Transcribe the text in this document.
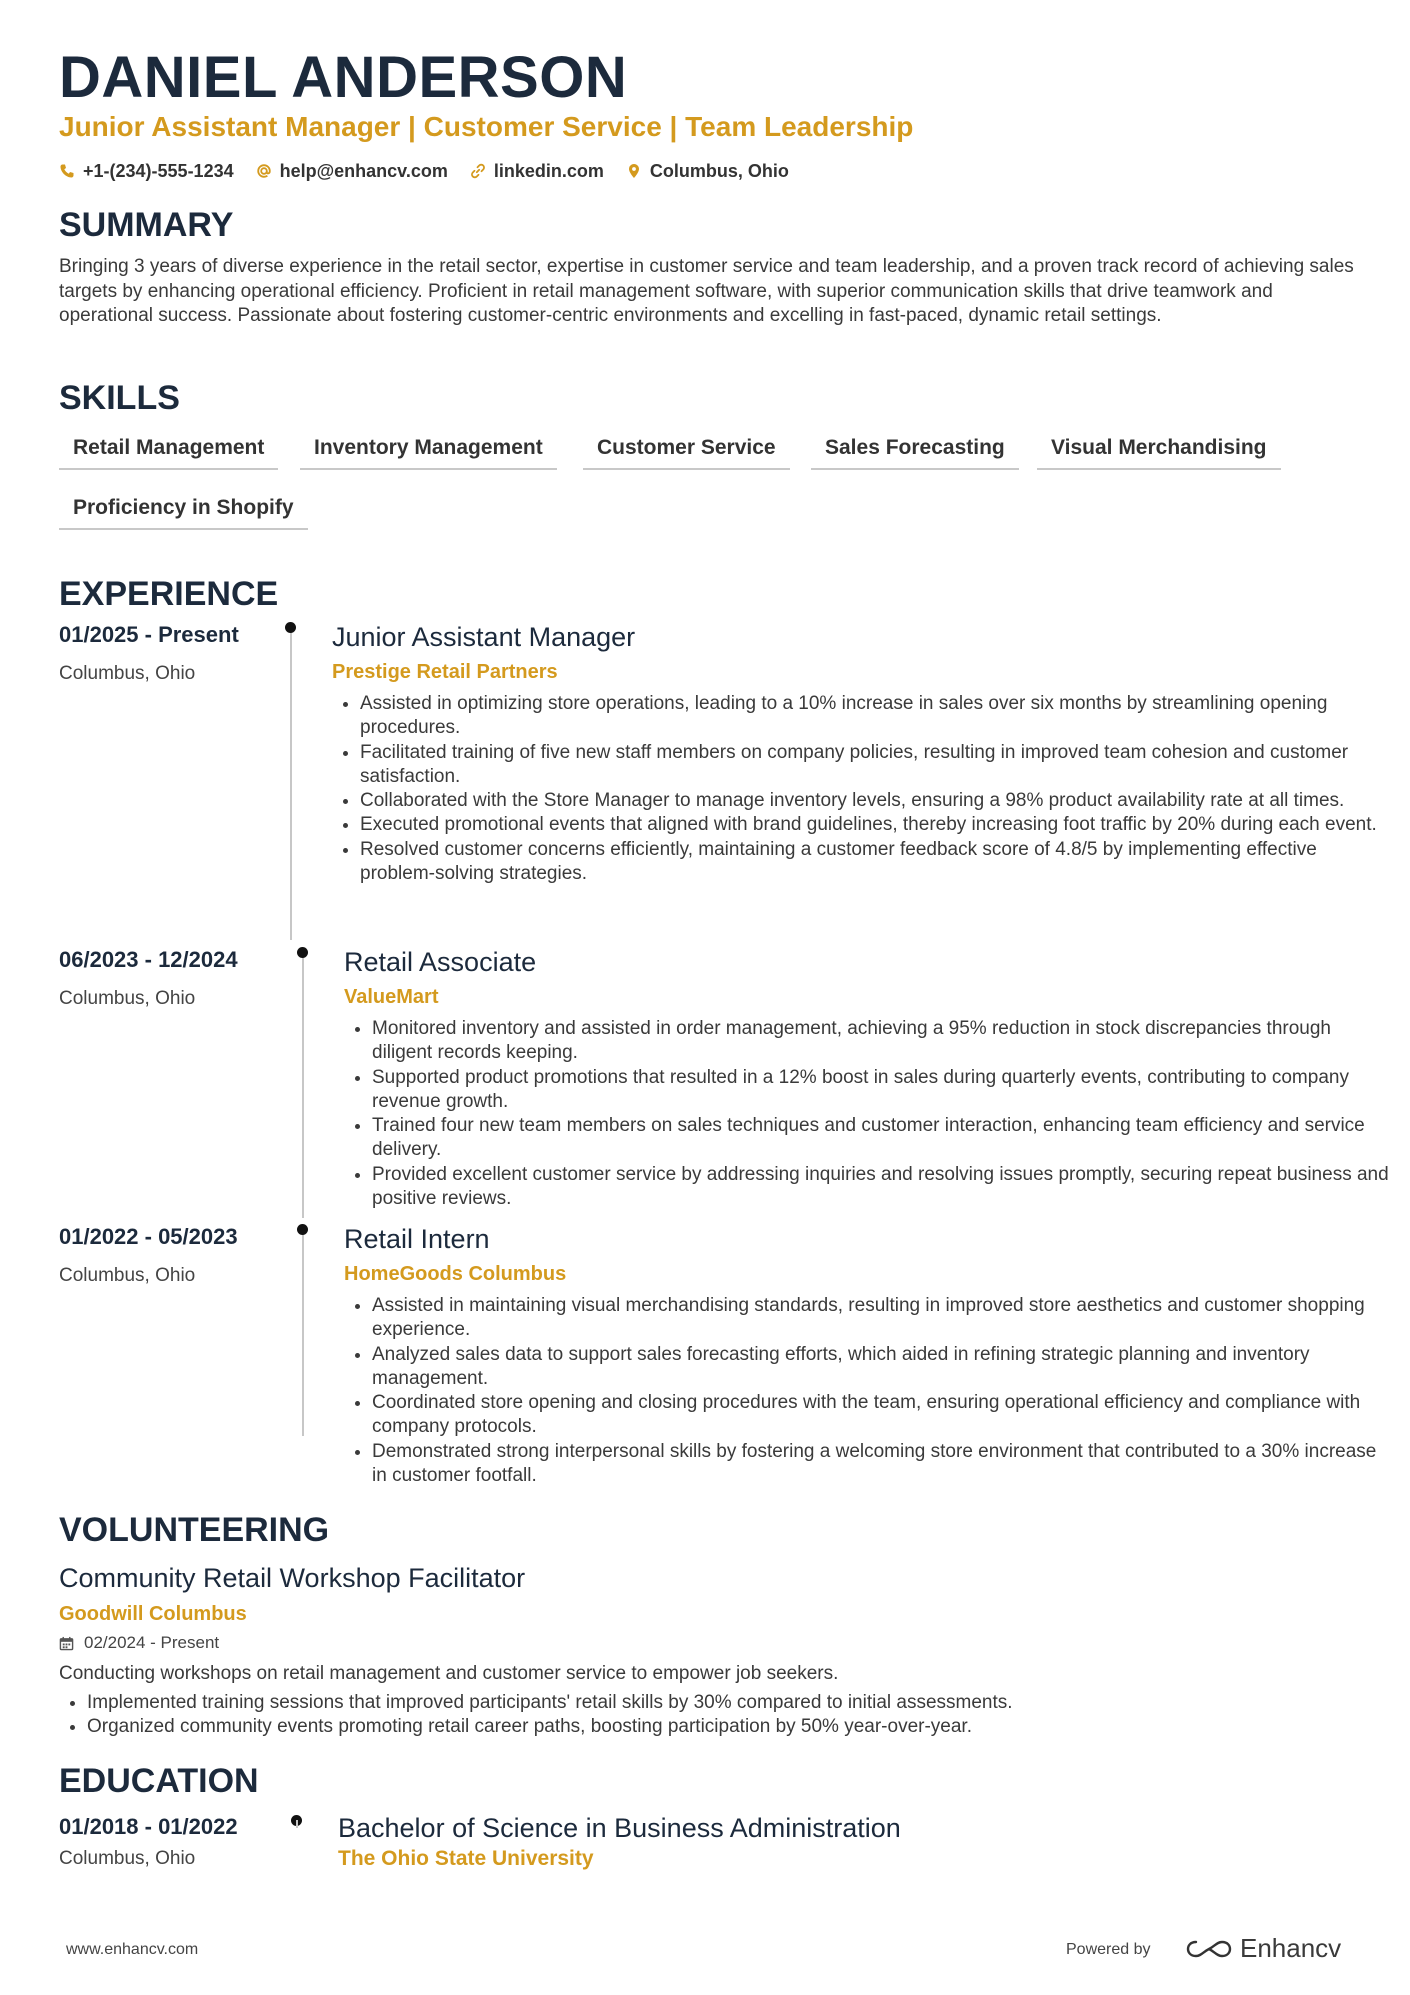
DANIEL ANDERSON
Junior Assistant Manager | Customer Service | Team Leadership
+1-(234)-555-1234	help@enhancv.com	linkedin.com	Columbus, Ohio
SUMMARY

Bringing 3 years of diverse experience in the retail sector, expertise in customer service and team leadership, and a proven track record of achieving sales targets by enhancing operational efficiency. Proficient in retail management software, with superior communication skills that drive teamwork and operational success. Passionate about fostering customer-centric environments and excelling in fast-paced, dynamic retail settings.

SKILLS
Retail Management	Inventory Management	Customer Service	Sales Forecasting	Visual Merchandising
Proficiency in Shopify
EXPERIENCE
01/2025 - Present
Columbus, Ohio
Junior Assistant Manager
Prestige Retail Partners
• Assisted in optimizing store operations, leading to a 10% increase in sales over six months by streamlining opening procedures.
• Facilitated training of five new staff members on company policies, resulting in improved team cohesion and customer satisfaction.
• Collaborated with the Store Manager to manage inventory levels, ensuring a 98% product availability rate at all times.
• Executed promotional events that aligned with brand guidelines, thereby increasing foot traffic by 20% during each event.
• Resolved customer concerns efficiently, maintaining a customer feedback score of 4.8/5 by implementing effective problem-solving strategies.
06/2023 - 12/2024
Columbus, Ohio
Retail Associate
ValueMart
• Monitored inventory and assisted in order management, achieving a 95% reduction in stock discrepancies through diligent records keeping.
• Supported product promotions that resulted in a 12% boost in sales during quarterly events, contributing to company revenue growth.
• Trained four new team members on sales techniques and customer interaction, enhancing team efficiency and service delivery.
• Provided excellent customer service by addressing inquiries and resolving issues promptly, securing repeat business and positive reviews.
01/2022 - 05/2023
Columbus, Ohio
Retail Intern
HomeGoods Columbus
• Assisted in maintaining visual merchandising standards, resulting in improved store aesthetics and customer shopping experience.
• Analyzed sales data to support sales forecasting efforts, which aided in refining strategic planning and inventory management.
• Coordinated store opening and closing procedures with the team, ensuring operational efficiency and compliance with company protocols.
• Demonstrated strong interpersonal skills by fostering a welcoming store environment that contributed to a 30% increase in customer footfall.
VOLUNTEERING
Community Retail Workshop Facilitator
Goodwill Columbus
02/2024 - Present

Conducting workshops on retail management and customer service to empower job seekers.

• Implemented training sessions that improved participants' retail skills by 30% compared to initial assessments.
• Organized community events promoting retail career paths, boosting participation by 50% year-over-year.
EDUCATION
01/2018 - 01/2022
Columbus, Ohio
Bachelor of Science in Business Administration
The Ohio State University
www.enhancv.com	Powered by	Enhancv
